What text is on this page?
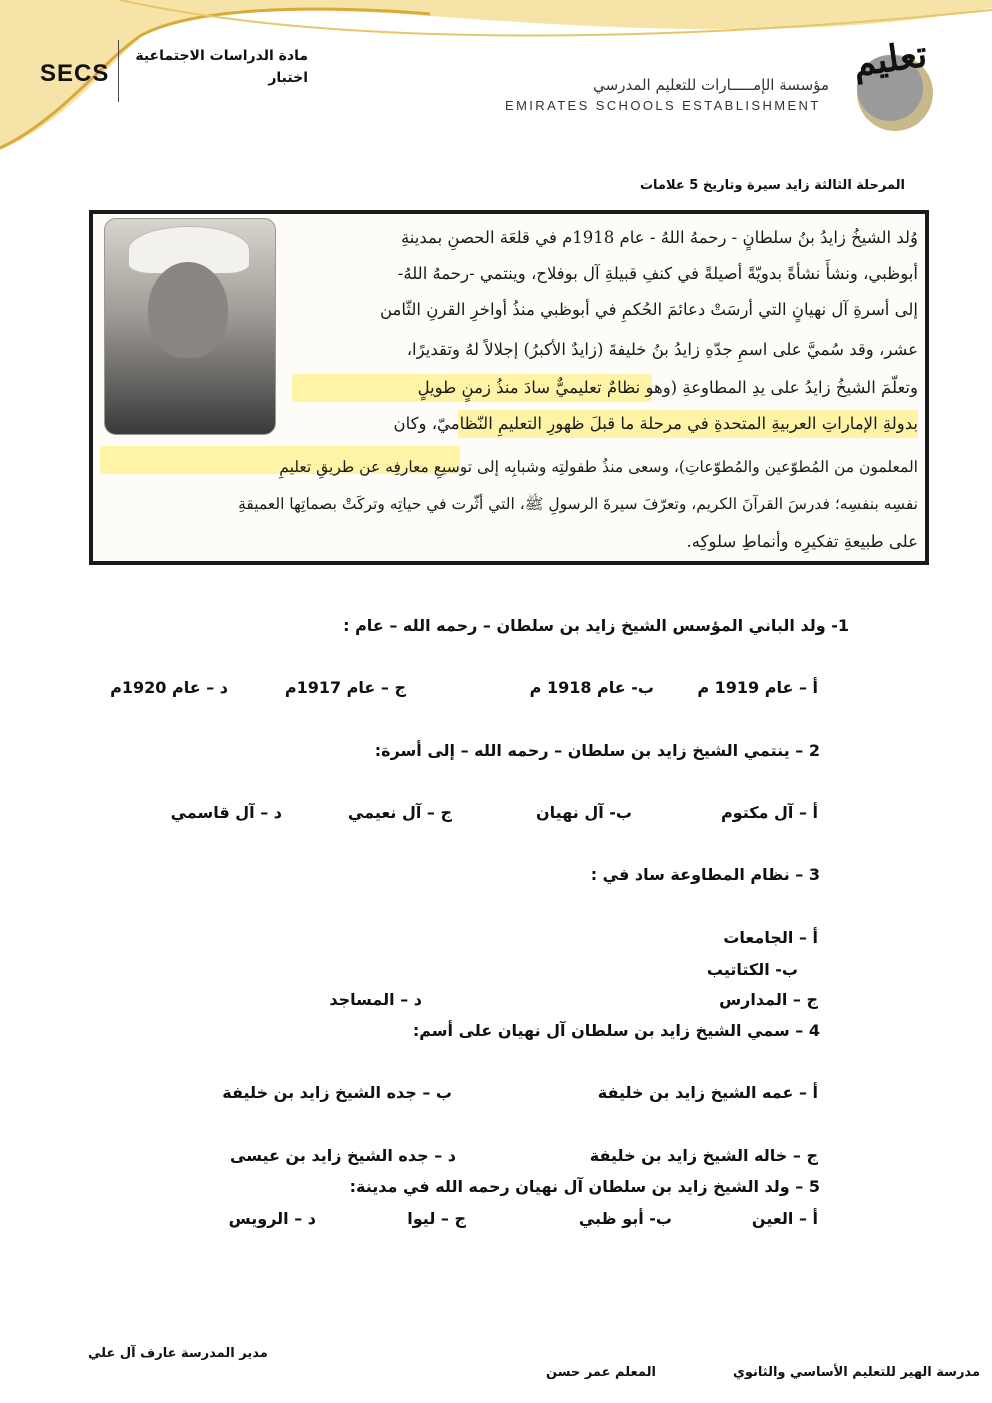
SECS
مادة الدراسات الاجتماعية
اختبار	مؤسسة الإمـــــارات للتعليم المدرسي
EMIRATES SCHOOLS ESTABLISHMENT
تعليم
المرحلة الثالثة زايد سيرة وتاريخ 5 علامات
وُلد الشيخُ زايدُ بنُ سلطانٍ - رحمهُ اللهُ - عام 1918م في قلعَة الحصنِ بمدينةِ
أبوظبي، ونشأَ نشأةً بدويّةً أصيلةً في كنفِ قبيلةِ آل بوفلاح، وينتمي -رحمهُ اللهُ-
إلى أسرةِ آل نهيانٍ التي أرسَتْ دعائمَ الحُكمِ في أبوظبي منذُ أواخرِ القرنِ الثّامن
عشر، وقد سُميَّ على اسمِ جدّهِ زايدُ بنُ خليفةَ (زايدٌ الأكبرُ) إجلالاً لهُ وتقديرًا،
وتعلّمَ الشيخُ زايدُ على يدِ المطاوعةِ (وهو نظامٌ تعليميٌّ سادَ منذُ زمنٍ طويلٍ
بدولةِ الإماراتِ العربيةِ المتحدةِ في مرحلة ما قبلَ ظهورِ التعليمِ النّظاميّ، وكان
المعلمون من المُطوّعين والمُطوّعاتِ)، وسعى منذُ طفولتِه وشبابِه إلى توسيعِ معارفِه عن طريقِ تعليمِ
نفسِه بنفسِه؛ فدرسَ القرآنَ الكريم، وتعرّفَ سيرةَ الرسولِ ﷺ، التي أثّرت في حياتِه وتركَتْ بصماتِها العميقةِ
على طبيعةِ تفكيرِه وأنماطِ سلوكِه.
1- ولد الباني المؤسس الشيخ زايد بن سلطان – رحمه الله – عام :
أ – عام 1919 م
ب- عام 1918 م
ج – عام 1917م
د – عام 1920م
2 – ينتمي الشيخ زايد بن سلطان – رحمه الله – إلى أسرة:
أ – آل مكتوم
ب- آل نهيان
ج – آل نعيمي
د – آل قاسمي
3 – نظام المطاوعة ساد في :
أ – الجامعات
ب- الكتاتيب
ج – المدارس
د – المساجد
4 – سمي الشيخ زايد بن سلطان آل نهيان على أسم:
أ – عمه الشيخ زايد بن خليفة
ب – جده الشيخ زايد بن خليفة
ج – خاله الشيخ زايد بن خليفة
د – جده الشيخ زايد بن عيسى
5 – ولد الشيخ زايد بن سلطان آل نهيان رحمه الله في مدينة:
أ – العين
ب- أبو ظبي
ج – ليوا
د – الرويس
مدير المدرسة عارف آل علي
المعلم عمر حسن	مدرسة الهير للتعليم الأساسي والثانوي
